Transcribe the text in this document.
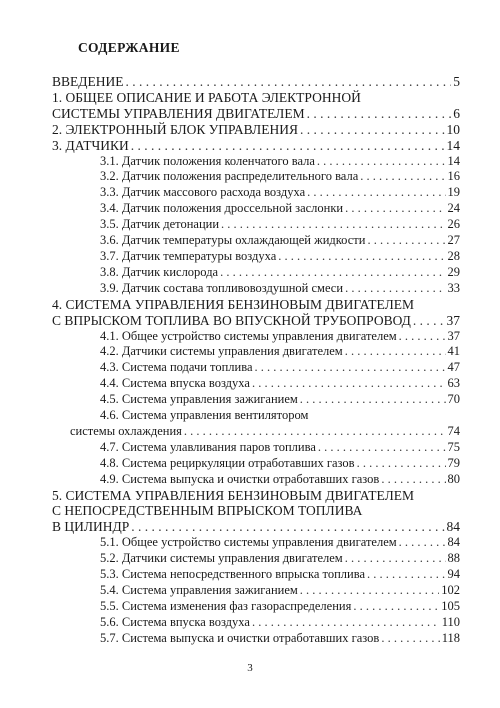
СОДЕРЖАНИЕ
ВВЕДЕНИЕ . . .	5
1. ОБЩЕЕ ОПИСАНИЕ И РАБОТА ЭЛЕКТРОННОЙ
СИСТЕМЫ УПРАВЛЕНИЯ ДВИГАТЕЛЕМ . . .	6
2. ЭЛЕКТРОННЫЙ БЛОК УПРАВЛЕНИЯ . . .	10
3. ДАТЧИКИ . . .	14
3.1. Датчик положения коленчатого вала . . .	14
3.2. Датчик положения распределительного вала . . .	16
3.3. Датчик массового расхода воздуха . . .	19
3.4. Датчик положения дроссельной заслонки . . .	24
3.5. Датчик детонации . . .	26
3.6. Датчик температуры охлаждающей жидкости . . .	27
3.7. Датчик температуры воздуха . . .	28
3.8. Датчик кислорода . . .	29
3.9. Датчик состава топливовоздушной смеси . . .	33
4. СИСТЕМА УПРАВЛЕНИЯ БЕНЗИНОВЫМ ДВИГАТЕЛЕМ
С ВПРЫСКОМ ТОПЛИВА ВО ВПУСКНОЙ ТРУБОПРОВОД . . .	37
4.1. Общее устройство системы управления двигателем . . .	37
4.2. Датчики системы управления двигателем . . .	41
4.3. Система подачи топлива . . .	47
4.4. Система впуска воздуха . . .	63
4.5. Система управления зажиганием . . .	70
4.6. Система управления вентилятором
системы охлаждения . . .	74
4.7. Система улавливания паров топлива . . .	75
4.8. Система рециркуляции отработавших газов . . .	79
4.9. Система выпуска и очистки отработавших газов . . .	80
5. СИСТЕМА УПРАВЛЕНИЯ БЕНЗИНОВЫМ ДВИГАТЕЛЕМ
С НЕПОСРЕДСТВЕННЫМ ВПРЫСКОМ ТОПЛИВА
В ЦИЛИНДР . . .	84
5.1. Общее устройство системы управления двигателем . . .	84
5.2. Датчики системы управления двигателем . . .	88
5.3. Система непосредственного впрыска топлива . . .	94
5.4. Система управления зажиганием . . .	102
5.5. Система изменения фаз газораспределения . . .	105
5.6. Система впуска воздуха . . .	110
5.7. Система выпуска и очистки отработавших газов . . .	118
3
